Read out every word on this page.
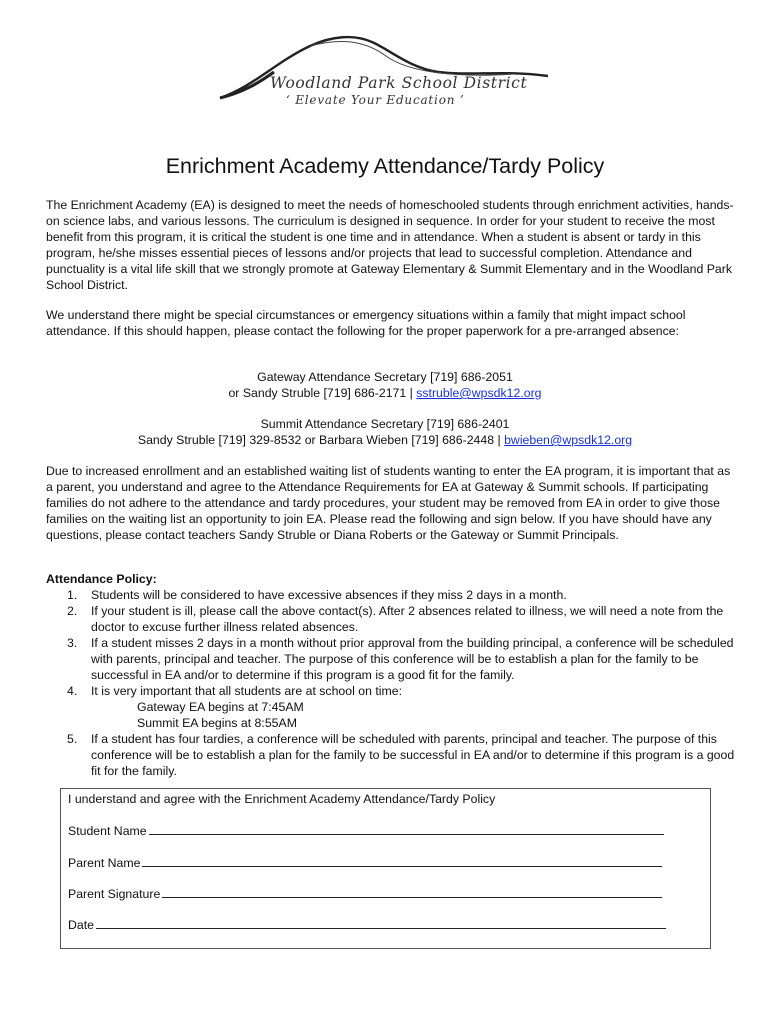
Woodland Park School District
‘ Elevate Your Education ’
Enrichment Academy Attendance/Tardy Policy

The Enrichment Academy (EA) is designed to meet the needs of homeschooled students through enrichment activities, hands-on science labs, and various lessons. The curriculum is designed in sequence. In order for your student to receive the most benefit from this program, it is critical the student is one time and in attendance. When a student is absent or tardy in this program, he/she misses essential pieces of lessons and/or projects that lead to successful completion. Attendance and punctuality is a vital life skill that we strongly promote at Gateway Elementary & Summit Elementary and in the Woodland Park School District.

We understand there might be special circumstances or emergency situations within a family that might impact school attendance. If this should happen, please contact the following for the proper paperwork for a pre-arranged absence:

Gateway Attendance Secretary [719] 686-2051
or Sandy Struble [719] 686-2171 | sstruble@wpsdk12.org
Summit Attendance Secretary [719] 686-2401
Sandy Struble [719] 329-8532 or Barbara Wieben [719] 686-2448 | bwieben@wpsdk12.org

Due to increased enrollment and an established waiting list of students wanting to enter the EA program, it is important that as a parent, you understand and agree to the Attendance Requirements for EA at Gateway & Summit schools. If participating families do not adhere to the attendance and tardy procedures, your student may be removed from EA in order to give those families on the waiting list an opportunity to join EA. Please read the following and sign below. If you have should have any questions, please contact teachers Sandy Struble or Diana Roberts or the Gateway or Summit Principals.

Attendance Policy:
1. Students will be considered to have excessive absences if they miss 2 days in a month.
2. If your student is ill, please call the above contact(s). After 2 absences related to illness, we will need a note from the doctor to excuse further illness related absences.
3. If a student misses 2 days in a month without prior approval from the building principal, a conference will be scheduled with parents, principal and teacher. The purpose of this conference will be to establish a plan for the family to be successful in EA and/or to determine if this program is a good fit for the family.
4. It is very important that all students are at school on time:
Gateway EA begins at 7:45AM
Summit EA begins at 8:55AM
5. If a student has four tardies, a conference will be scheduled with parents, principal and teacher. The purpose of this conference will be to establish a plan for the family to be successful in EA and/or to determine if this program is a good fit for the family.
I understand and agree with the Enrichment Academy Attendance/Tardy Policy
Student Name
Parent Name
Parent Signature
Date
